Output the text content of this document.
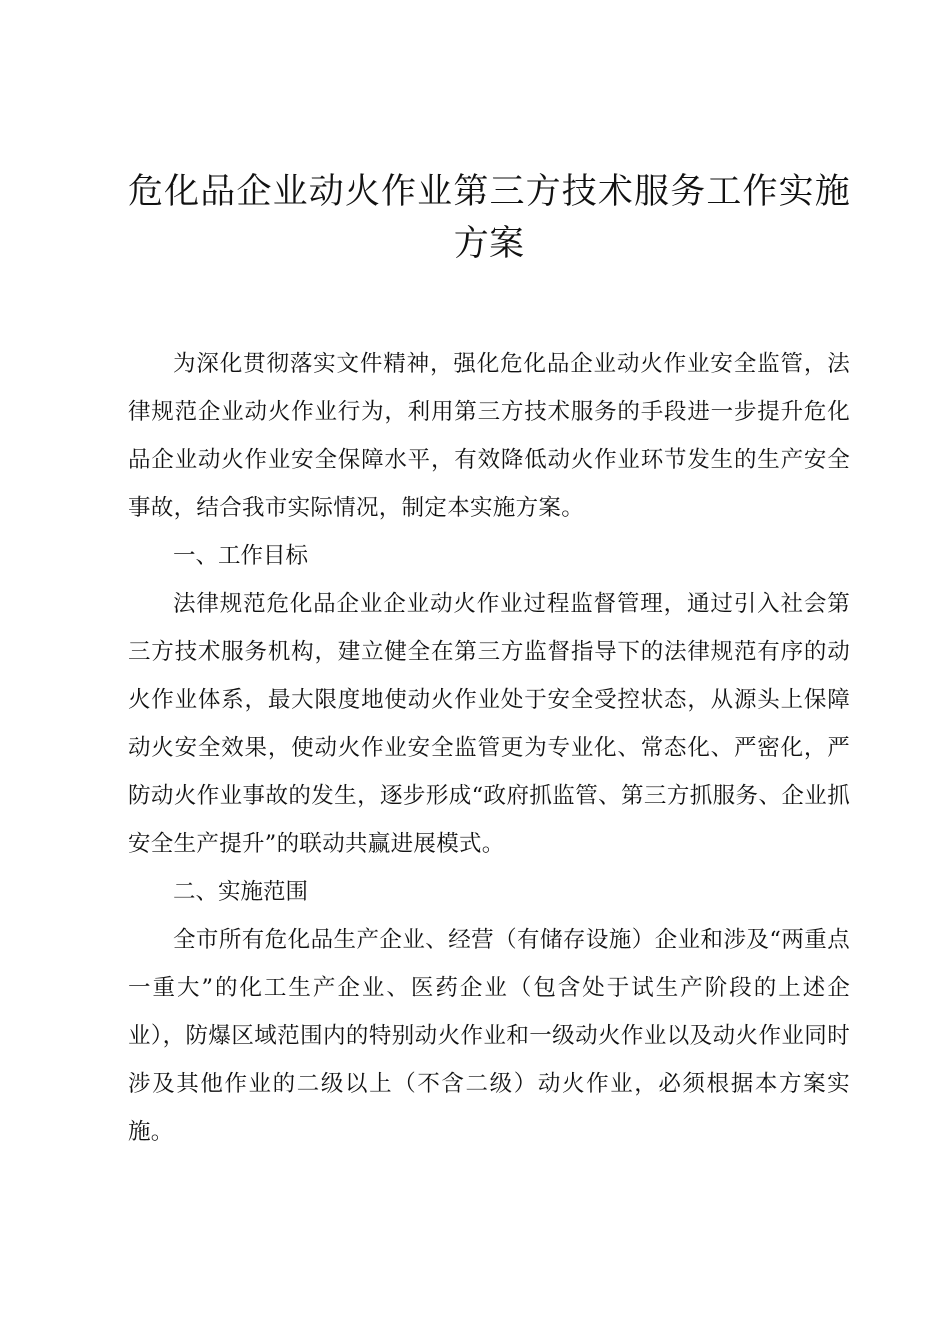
危化品企业动火作业第三方技术服务工作实施方案

为深化贯彻落实文件精神，强化危化品企业动火作业安全监管，法律规范企业动火作业行为，利用第三方技术服务的手段进一步提升危化品企业动火作业安全保障水平，有效降低动火作业环节发生的生产安全事故，结合我市实际情况，制定本实施方案。

一、工作目标

法律规范危化品企业企业动火作业过程监督管理，通过引入社会第三方技术服务机构，建立健全在第三方监督指导下的法律规范有序的动火作业体系，最大限度地使动火作业处于安全受控状态，从源头上保障动火安全效果，使动火作业安全监管更为专业化、常态化、严密化，严防动火作业事故的发生，逐步形成“政府抓监管、第三方抓服务、企业抓安全生产提升”的联动共赢进展模式。

二、实施范围

全市所有危化品生产企业、经营（有储存设施）企业和涉及“两重点一重大”的化工生产企业、医药企业（包含处于试生产阶段的上述企业），防爆区域范围内的特别动火作业和一级动火作业以及动火作业同时涉及其他作业的二级以上（不含二级）动火作业，必须根据本方案实施。
